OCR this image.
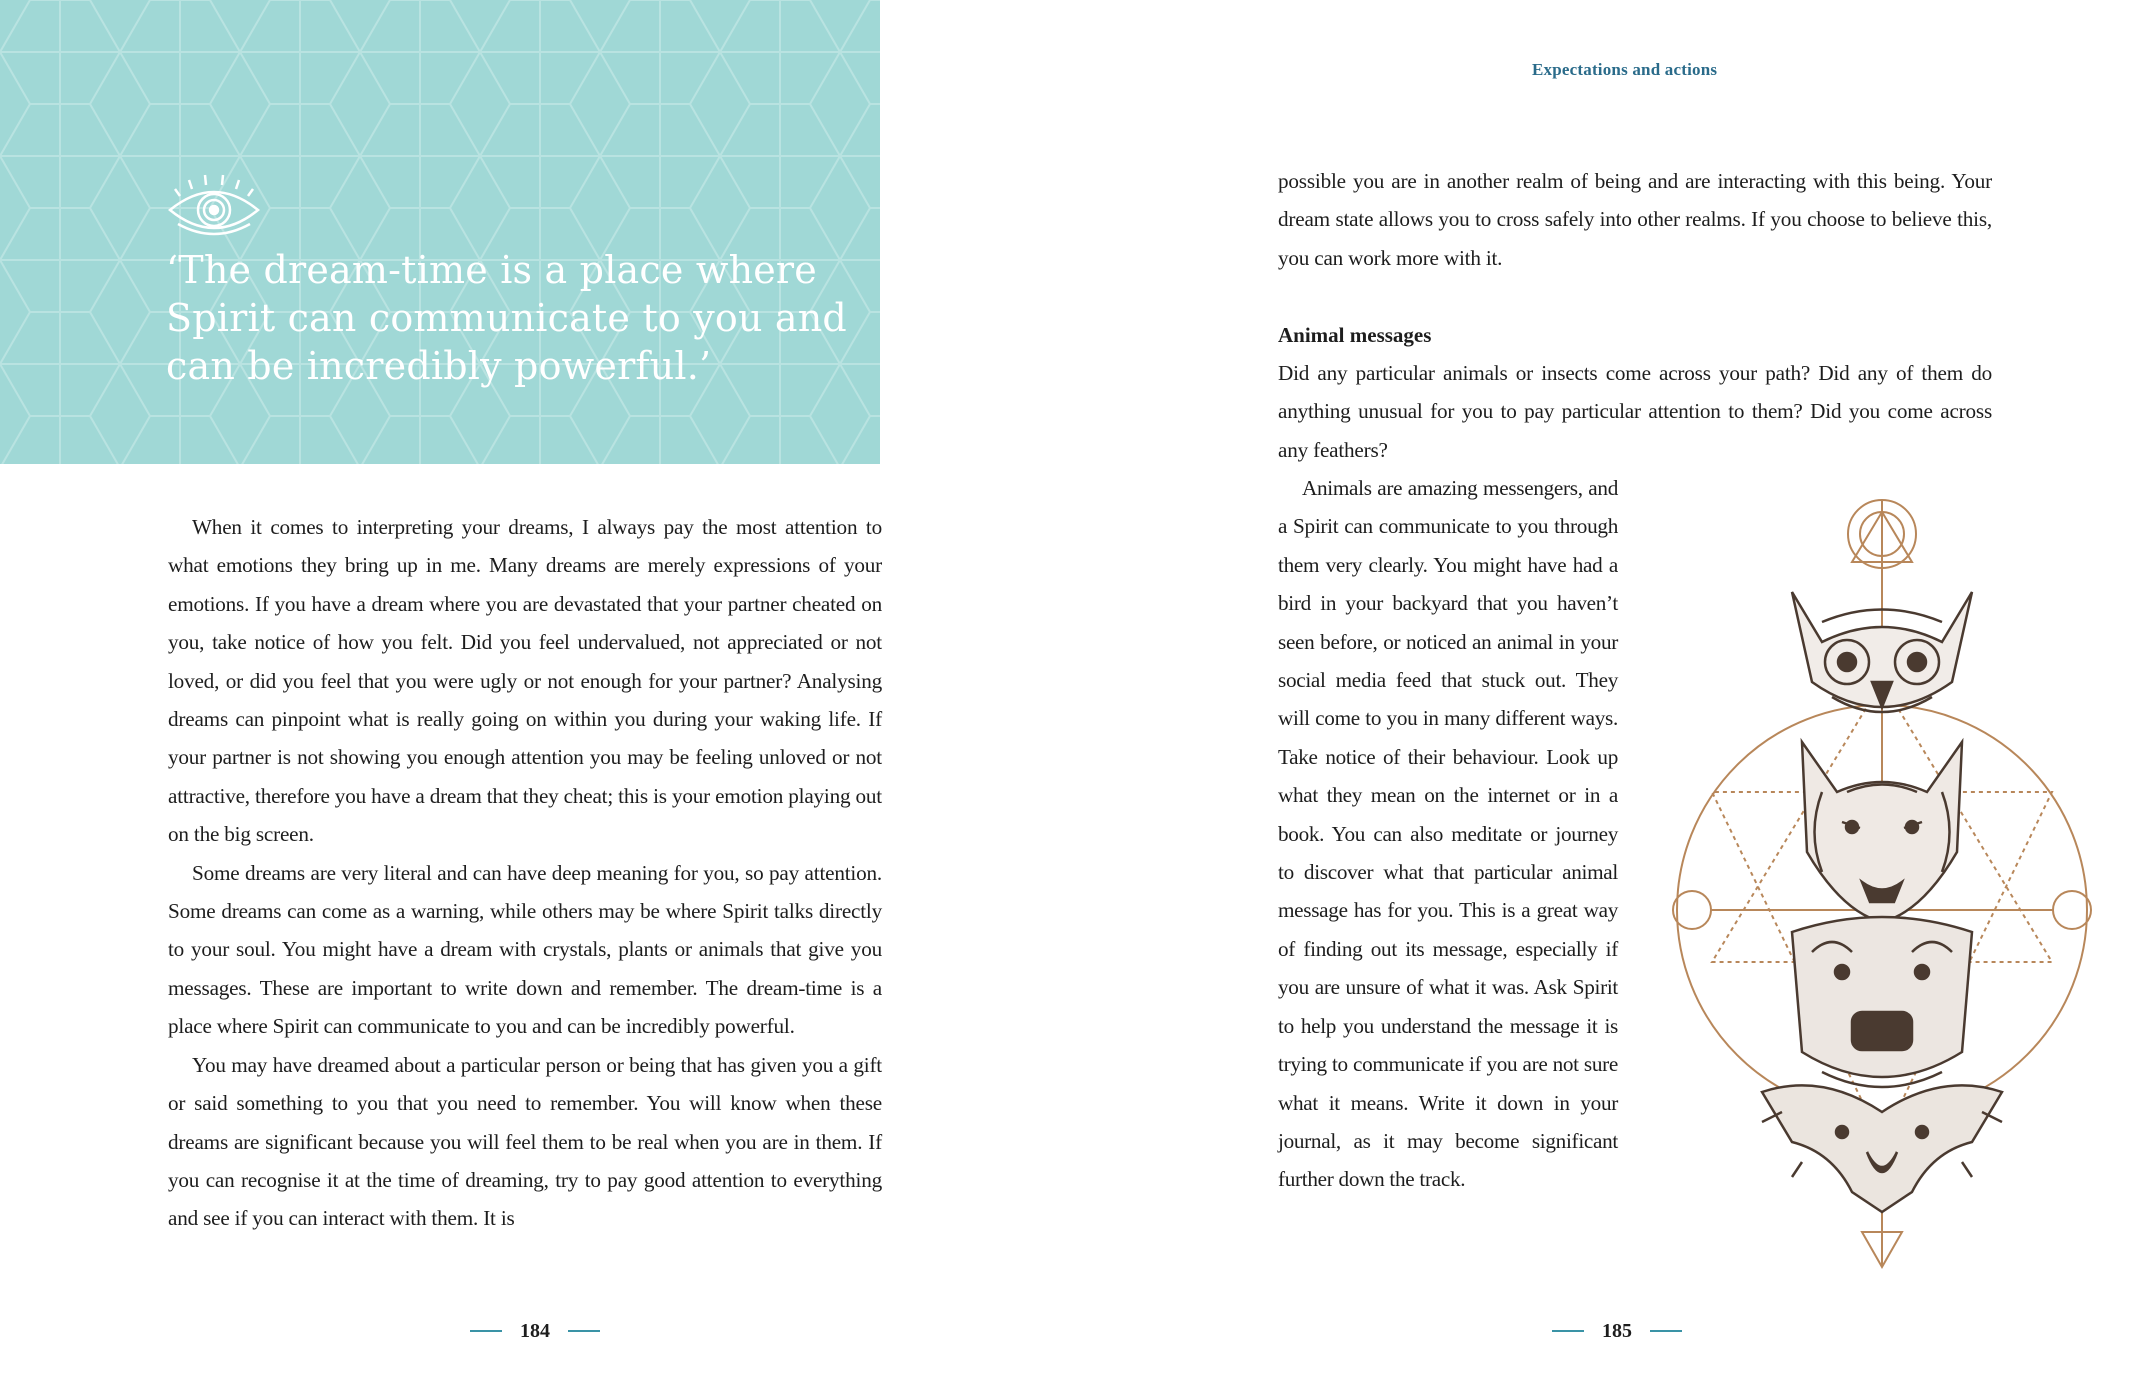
‘The dream-time is a place where Spirit can communicate to you and can be incredibly powerful.’

When it comes to interpreting your dreams, I always pay the most attention to what emotions they bring up in me. Many dreams are merely expressions of your emotions. If you have a dream where you are devastated that your partner cheated on you, take notice of how you felt. Did you feel undervalued, not appreciated or not loved, or did you feel that you were ugly or not enough for your partner? Analysing dreams can pinpoint what is really going on within you during your waking life. If your partner is not showing you enough attention you may be feeling unloved or not attractive, therefore you have a dream that they cheat; this is your emotion playing out on the big screen.

Some dreams are very literal and can have deep meaning for you, so pay attention. Some dreams can come as a warning, while others may be where Spirit talks directly to your soul. You might have a dream with crystals, plants or animals that give you messages. These are important to write down and remember. The dream-time is a place where Spirit can communicate to you and can be incredibly powerful.

You may have dreamed about a particular person or being that has given you a gift or said something to you that you need to remember. You will know when these dreams are significant because you will feel them to be real when you are in them. If you can recognise it at the time of dreaming, try to pay good attention to everything and see if you can interact with them. It is

184
Expectations and actions

possible you are in another realm of being and are interacting with this being. Your dream state allows you to cross safely into other realms. If you choose to believe this, you can work more with it.

Animal messages

Did any particular animals or insects come across your path? Did any of them do anything unusual for you to pay particular attention to them? Did you come across any feathers?

Animals are amazing messengers, and a Spirit can communicate to you through them very clearly. You might have had a bird in your backyard that you haven’t seen before, or noticed an animal in your social media feed that stuck out. They will come to you in many different ways. Take notice of their behaviour. Look up what they mean on the internet or in a book. You can also meditate or journey to discover what that particular animal message has for you. This is a great way of finding out its message, especially if you are unsure of what it was. Ask Spirit to help you understand the message it is trying to communicate if you are not sure what it means. Write it down in your journal, as it may become significant further down the track.

185
